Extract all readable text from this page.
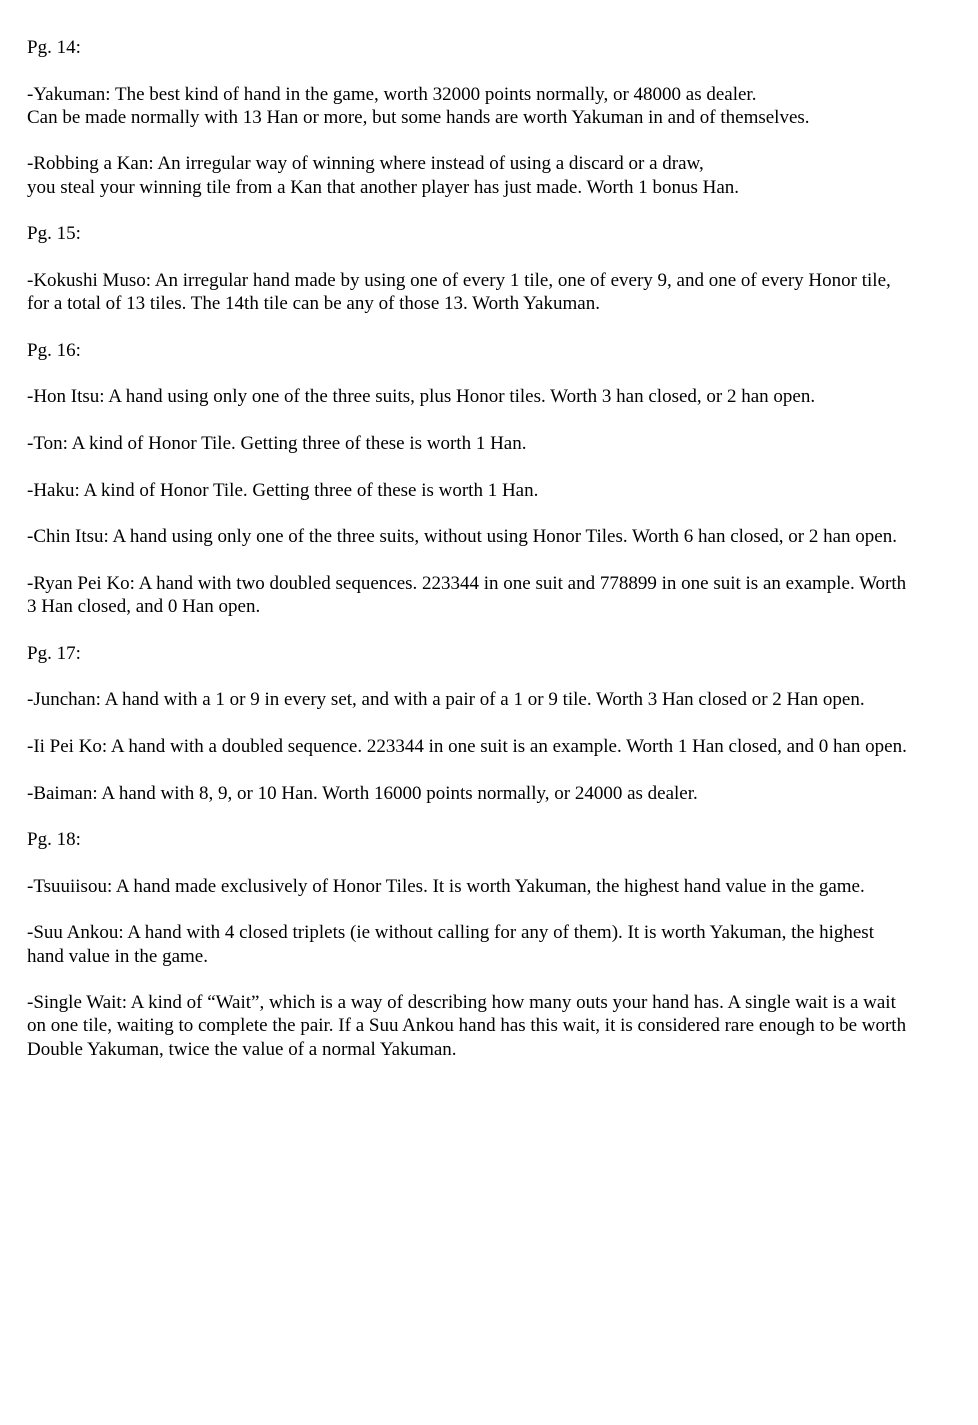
Pg. 14:

-Yakuman: The best kind of hand in the game, worth 32000 points normally, or 48000 as dealer.
Can be made normally with 13 Han or more, but some hands are worth Yakuman in and of themselves.

-Robbing a Kan: An irregular way of winning where instead of using a discard or a draw,
you steal your winning tile from a Kan that another player has just made. Worth 1 bonus Han.

Pg. 15:

-Kokushi Muso: An irregular hand made by using one of every 1 tile, one of every 9, and one of every Honor tile,
for a total of 13 tiles. The 14th tile can be any of those 13. Worth Yakuman.

Pg. 16:

-Hon Itsu: A hand using only one of the three suits, plus Honor tiles. Worth 3 han closed, or 2 han open.

-Ton: A kind of Honor Tile. Getting three of these is worth 1 Han.

-Haku: A kind of Honor Tile. Getting three of these is worth 1 Han.

-Chin Itsu: A hand using only one of the three suits, without using Honor Tiles. Worth 6 han closed, or 2 han open.

-Ryan Pei Ko: A hand with two doubled sequences. 223344 in one suit and 778899 in one suit is an example. Worth
3 Han closed, and 0 Han open.

Pg. 17:

-Junchan: A hand with a 1 or 9 in every set, and with a pair of a 1 or 9 tile. Worth 3 Han closed or 2 Han open.

-Ii Pei Ko: A hand with a doubled sequence. 223344 in one suit is an example. Worth 1 Han closed, and 0 han open.

-Baiman: A hand with 8, 9, or 10 Han. Worth 16000 points normally, or 24000 as dealer.

Pg. 18:

-Tsuuiisou: A hand made exclusively of Honor Tiles. It is worth Yakuman, the highest hand value in the game.

-Suu Ankou: A hand with 4 closed triplets (ie without calling for any of them). It is worth Yakuman, the highest
hand value in the game.

-Single Wait: A kind of “Wait”, which is a way of describing how many outs your hand has. A single wait is a wait
on one tile, waiting to complete the pair. If a Suu Ankou hand has this wait, it is considered rare enough to be worth
Double Yakuman, twice the value of a normal Yakuman.
